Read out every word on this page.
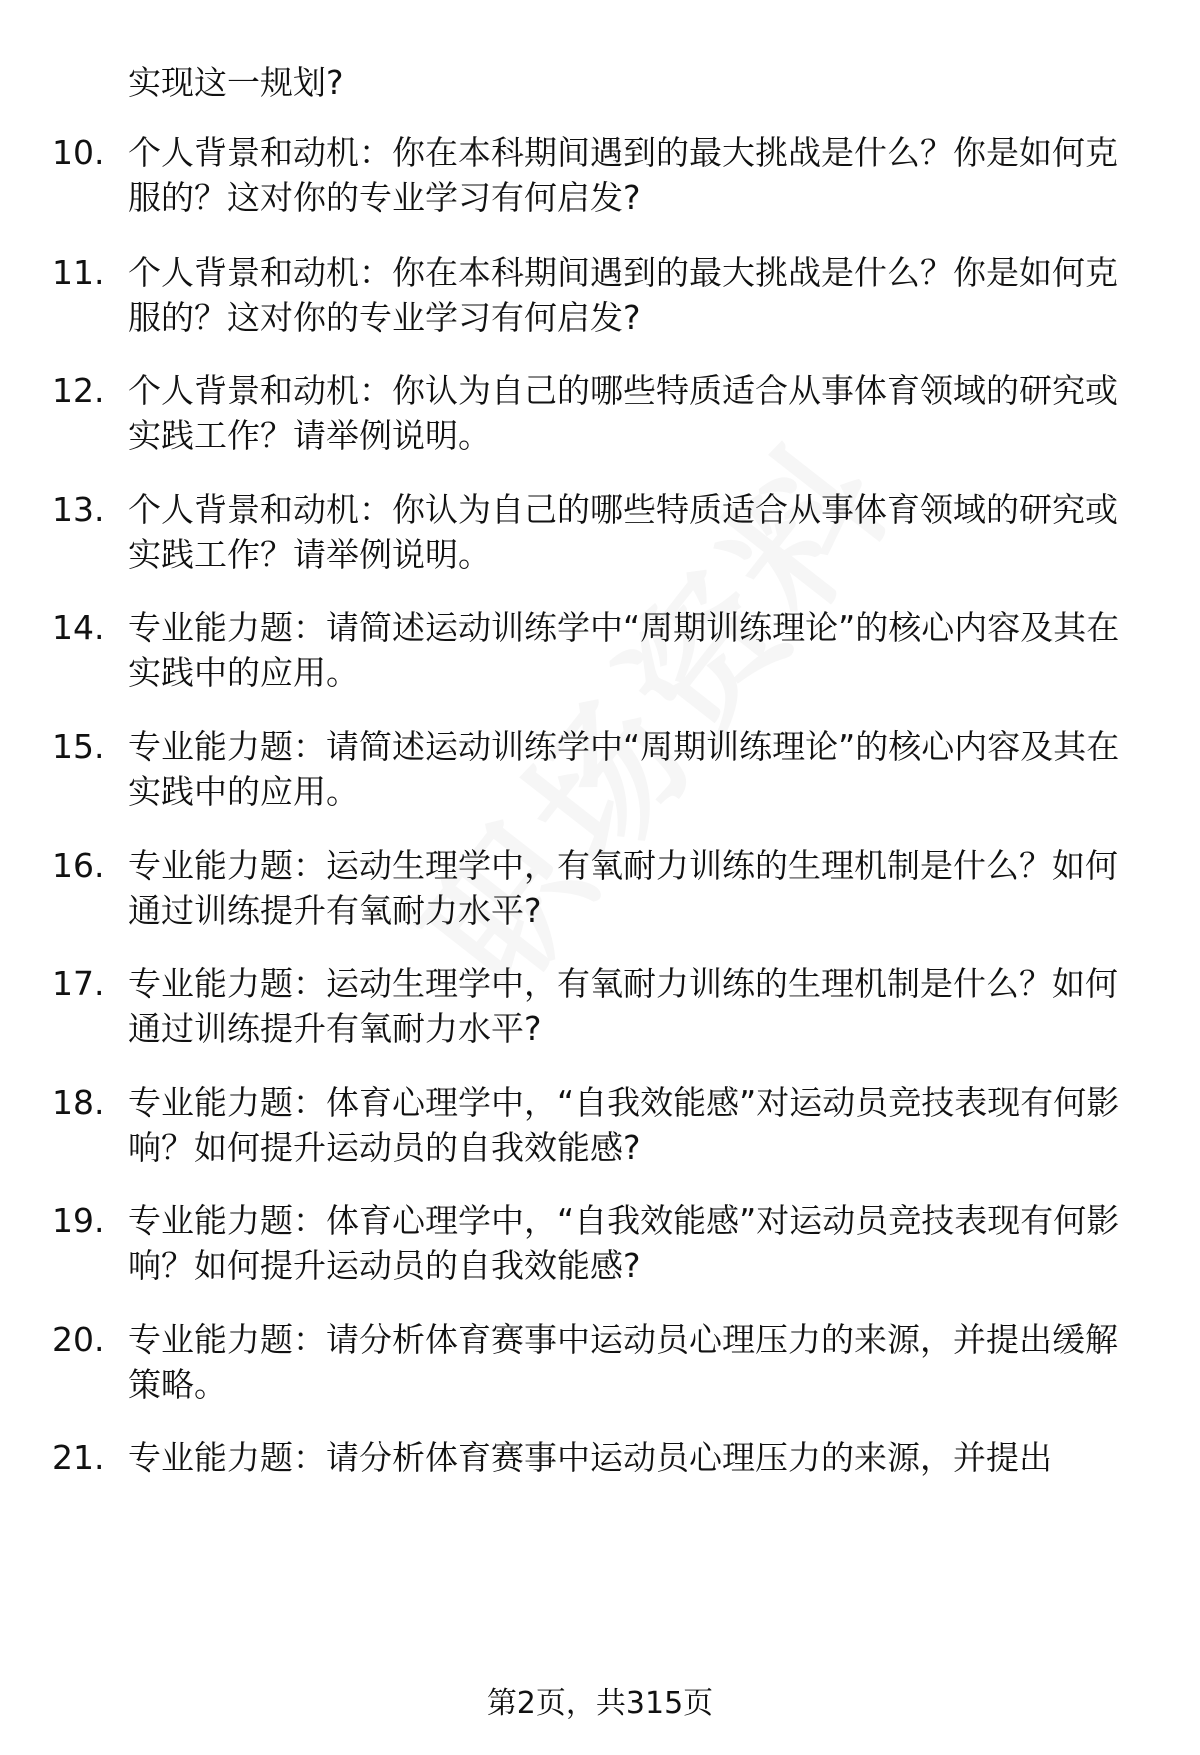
实现这一规划?
10. 个人背景和动机：你在本科期间遇到的最大挑战是什么？你是如何克服的？这对你的专业学习有何启发?
11. 个人背景和动机：你在本科期间遇到的最大挑战是什么？你是如何克服的？这对你的专业学习有何启发?
12. 个人背景和动机：你认为自己的哪些特质适合从事体育领域的研究或实践工作？请举例说明。
13. 个人背景和动机：你认为自己的哪些特质适合从事体育领域的研究或实践工作？请举例说明。
14. 专业能力题：请简述运动训练学中“周期训练理论”的核心内容及其在实践中的应用。
15. 专业能力题：请简述运动训练学中“周期训练理论”的核心内容及其在实践中的应用。
16. 专业能力题：运动生理学中，有氧耐力训练的生理机制是什么？如何通过训练提升有氧耐力水平?
17. 专业能力题：运动生理学中，有氧耐力训练的生理机制是什么？如何通过训练提升有氧耐力水平?
18. 专业能力题：体育心理学中，“自我效能感”对运动员竞技表现有何影响？如何提升运动员的自我效能感?
19. 专业能力题：体育心理学中，“自我效能感”对运动员竞技表现有何影响？如何提升运动员的自我效能感?
20. 专业能力题：请分析体育赛事中运动员心理压力的来源，并提出缓解策略。
21. 专业能力题：请分析体育赛事中运动员心理压力的来源，并提出
第2页，共315页
